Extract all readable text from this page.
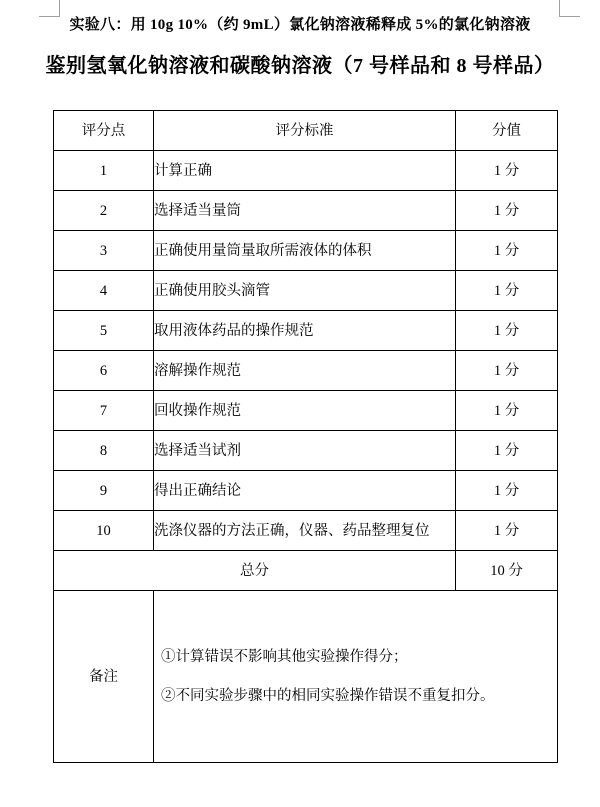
实验八：用 10g 10%（约 9mL）氯化钠溶液稀释成 5%的氯化钠溶液
鉴别氢氧化钠溶液和碳酸钠溶液（7 号样品和 8 号样品）
评分点	评分标准	分值
1	计算正确	1 分
2	选择适当量筒	1 分
3	正确使用量筒量取所需液体的体积	1 分
4	正确使用胶头滴管	1 分
5	取用液体药品的操作规范	1 分
6	溶解操作规范	1 分
7	回收操作规范	1 分
8	选择适当试剂	1 分
9	得出正确结论	1 分
10	洗涤仪器的方法正确，仪器、药品整理复位	1 分
总分		10 分
备注	①计算错误不影响其他实验操作得分；

②不同实验步骤中的相同实验操作错误不重复扣分。	
